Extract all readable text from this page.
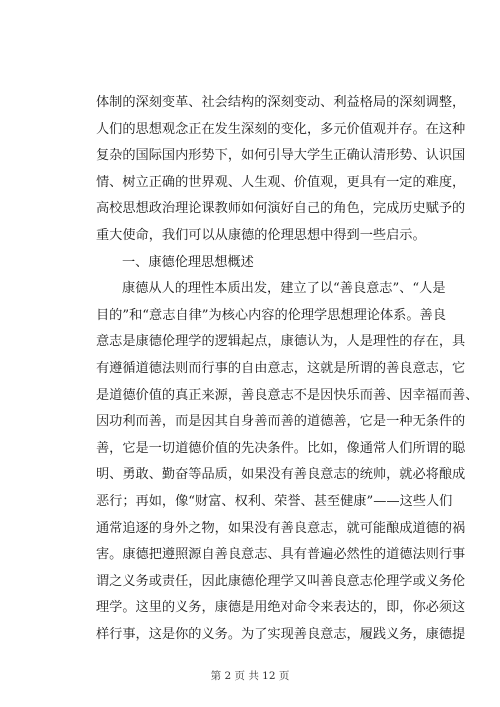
体制的深刻变革、社会结构的深刻变动、利益格局的深刻调整，
人们的思想观念正在发生深刻的变化，多元价值观并存。在这种
复杂的国际国内形势下，如何引导大学生正确认清形势、认识国
情、树立正确的世界观、人生观、价值观，更具有一定的难度，
高校思想政治理论课教师如何演好自己的角色，完成历史赋予的
重大使命，我们可以从康德的伦理思想中得到一些启示。
一、康德伦理思想概述
康德从人的理性本质出发，建立了以“善良意志”、“人是
目的”和“意志自律”为核心内容的伦理学思想理论体系。善良
意志是康德伦理学的逻辑起点，康德认为，人是理性的存在，具
有遵循道德法则而行事的自由意志，这就是所谓的善良意志，它
是道德价值的真正来源，善良意志不是因快乐而善、因幸福而善、
因功利而善，而是因其自身善而善的道德善，它是一种无条件的
善，它是一切道德价值的先决条件。比如，像通常人们所谓的聪
明、勇敢、勤奋等品质，如果没有善良意志的统帅，就必将酿成
恶行；再如，像“财富、权利、荣誉、甚至健康”——这些人们
通常追逐的身外之物，如果没有善良意志，就可能酿成道德的祸
害。康德把遵照源自善良意志、具有普遍必然性的道德法则行事
谓之义务或责任，因此康德伦理学又叫善良意志伦理学或义务伦
理学。这里的义务，康德是用绝对命令来表达的，即，你必须这
样行事，这是你的义务。为了实现善良意志，履践义务，康德提
第 2 页 共 12 页
